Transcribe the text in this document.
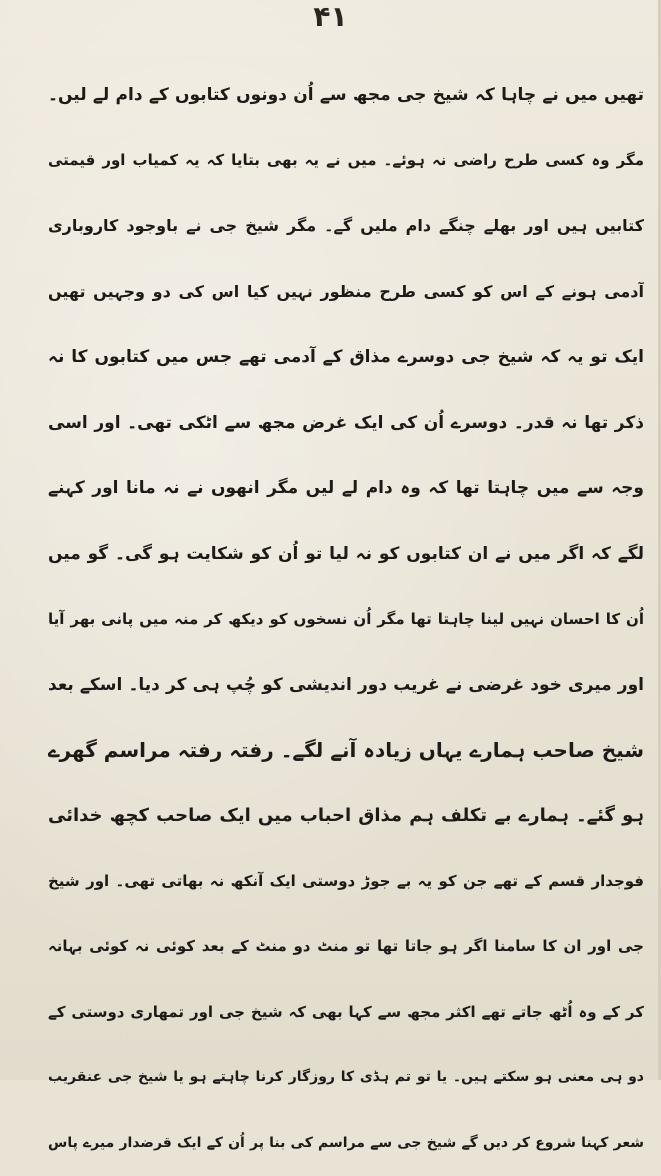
۴۱
تھیں میں نے چاہا کہ شیخ جی مجھ سے اُن دونوں کتابوں کے دام لے لیں۔
مگر وہ کسی طرح راضی نہ ہوئے۔ میں نے یہ بھی بتایا کہ یہ کمیاب اور قیمتی
کتابیں ہیں اور بھلے چنگے دام ملیں گے۔ مگر شیخ جی نے باوجود کاروباری
آدمی ہونے کے اس کو کسی طرح منظور نہیں کیا اس کی دو وجہیں تھیں
ایک تو یہ کہ شیخ جی دوسرے مذاق کے آدمی تھے جس میں کتابوں کا نہ
ذکر تھا نہ قدر۔ دوسرے اُن کی ایک غرض مجھ سے اٹکی تھی۔ اور اسی
وجہ سے میں چاہتا تھا کہ وہ دام لے لیں مگر انھوں نے نہ مانا اور کہنے
لگے کہ اگر میں نے ان کتابوں کو نہ لیا تو اُن کو شکایت ہو گی۔ گو میں
اُن کا احسان نہیں لینا چاہتا تھا مگر اُن نسخوں کو دیکھ کر منہ میں پانی بھر آیا
اور میری خود غرضی نے غریب دور اندیشی کو چُپ ہی کر دیا۔ اسکے بعد
شیخ صاحب ہمارے یہاں زیادہ آنے لگے۔ رفتہ رفتہ مراسم گھرے
ہو گئے۔ ہمارے بے تکلف ہم مذاق احباب میں ایک صاحب کچھ خدائی
فوجدار قسم کے تھے جن کو یہ بے جوڑ دوستی ایک آنکھ نہ بھاتی تھی۔ اور شیخ
جی اور ان کا سامنا اگر ہو جاتا تھا تو منٹ دو منٹ کے بعد کوئی نہ کوئی بہانہ
کر کے وہ اُٹھ جاتے تھے اکثر مجھ سے کہا بھی کہ شیخ جی اور تمھاری دوستی کے
دو ہی معنی ہو سکتے ہیں۔ یا تو تم ہڈی کا روزگار کرنا چاہتے ہو یا شیخ جی عنقریب
شعر کہنا شروع کر دیں گے شیخ جی سے مراسم کی بنا پر اُن کے ایک قرضدار میرے پاس
